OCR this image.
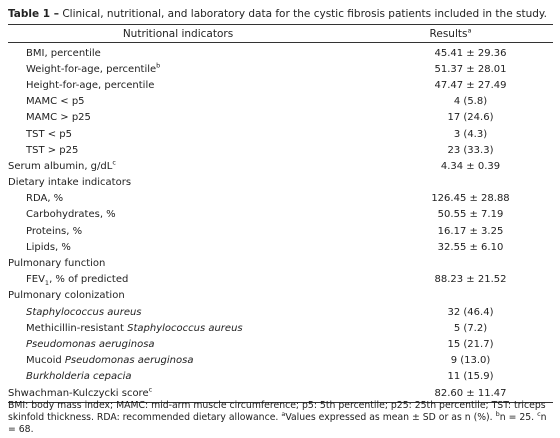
Table 1 – Clinical, nutritional, and laboratory data for the cystic fibrosis patients included in the study.
Nutritional indicators	Results$^a$
BMI, percentile	45.41 ± 29.36
Weight-for-age, percentile$^b$	51.37 ± 28.01
Height-for-age, percentile	47.47 ± 27.49
MAMC < p5	4 (5.8)
MAMC > p25	17 (24.6)
TST < p5	3 (4.3)
TST > p25	23 (33.3)
Serum albumin, $g/dL^c$	4.34 ± 0.39
Dietary intake indicators
RDA, %	126.45 ± 28.88
Carbohydrates, %	50.55 ± 7.19
Proteins, %	16.17 ± 3.25
Lipids, %	32.55 ± 6.10
Pulmonary function
$FEV_1$, % of predicted	88.23 ± 21.52
Pulmonary colonization
Staphylococcus aureus	32 (46.4)
Methicillin-resistant Staphylococcus aureus	5 (7.2)
Pseudomonas aeruginosa	15 (21.7)
Mucoid Pseudomonas aeruginosa	9 (13.0)
Burkholderia cepacia	11 (15.9)
Shwachman-Kulczycki score$^c$	82.60 ± 11.47
BMI: body mass index; MAMC: mid-arm muscle circumference; p5: 5th percentile; p25: 25th percentile; TST: triceps
skinfold thickness. RDA: recommended dietary allowance. $^a$Values expressed as mean ± SD or as n (%). $^b$n = 25. $^c$n = 68.
